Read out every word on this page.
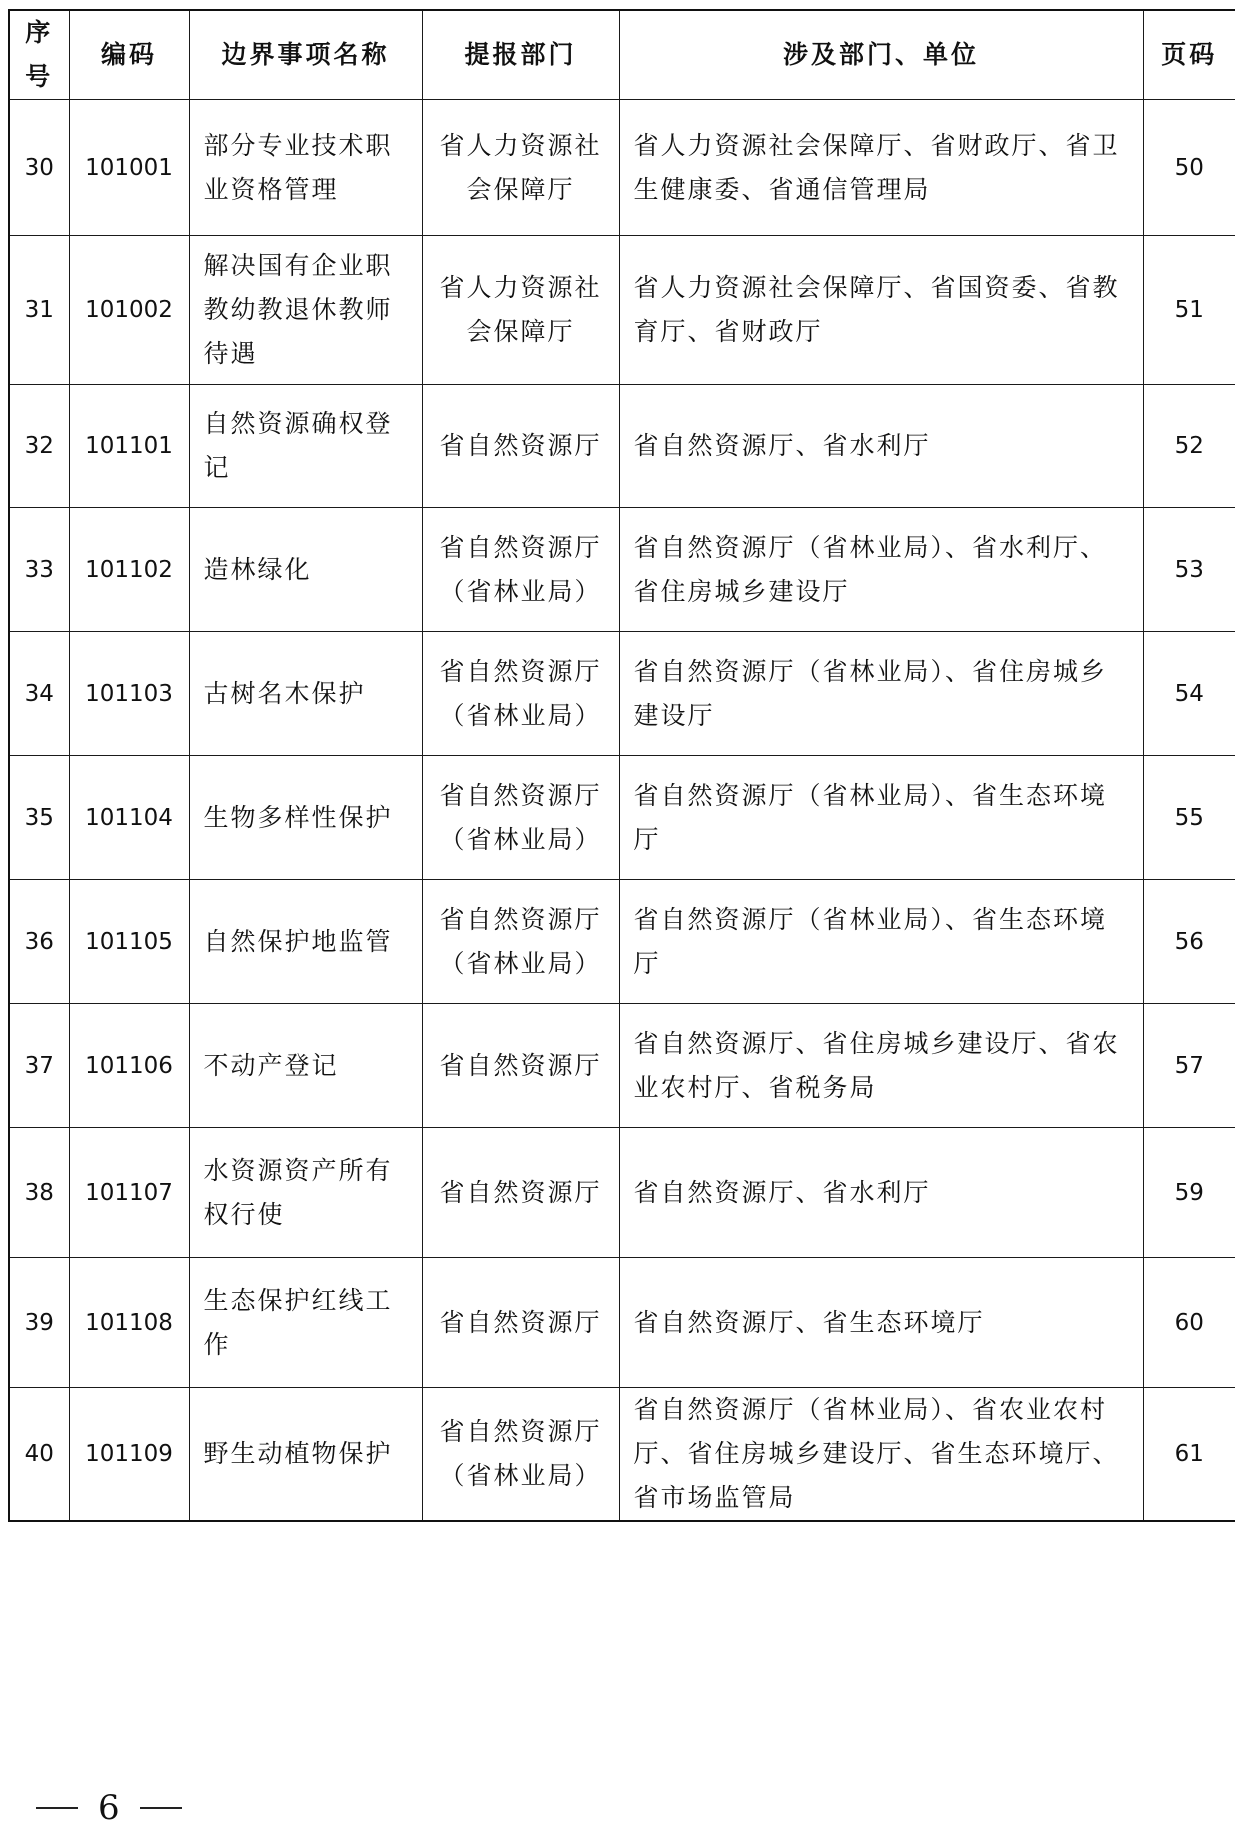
序号	编码	边界事项名称	提报部门	涉及部门、单位	页码
30	101001	部分专业技术职业资格管理	省人力资源社会保障厅	省人力资源社会保障厅、省财政厅、省卫生健康委、省通信管理局	50
31	101002	解决国有企业职教幼教退休教师待遇	省人力资源社会保障厅	省人力资源社会保障厅、省国资委、省教育厅、省财政厅	51
32	101101	自然资源确权登记	省自然资源厅	省自然资源厅、省水利厅	52
33	101102	造林绿化	省自然资源厅（省林业局）	省自然资源厅（省林业局）、省水利厅、省住房城乡建设厅	53
34	101103	古树名木保护	省自然资源厅（省林业局）	省自然资源厅（省林业局）、省住房城乡建设厅	54
35	101104	生物多样性保护	省自然资源厅（省林业局）	省自然资源厅（省林业局）、省生态环境厅	55
36	101105	自然保护地监管	省自然资源厅（省林业局）	省自然资源厅（省林业局）、省生态环境厅	56
37	101106	不动产登记	省自然资源厅	省自然资源厅、省住房城乡建设厅、省农业农村厅、省税务局	57
38	101107	水资源资产所有权行使	省自然资源厅	省自然资源厅、省水利厅	59
39	101108	生态保护红线工作	省自然资源厅	省自然资源厅、省生态环境厅	60
40	101109	野生动植物保护	省自然资源厅（省林业局）	省自然资源厅（省林业局）、省农业农村厅、省住房城乡建设厅、省生态环境厅、省市场监管局	61
6
